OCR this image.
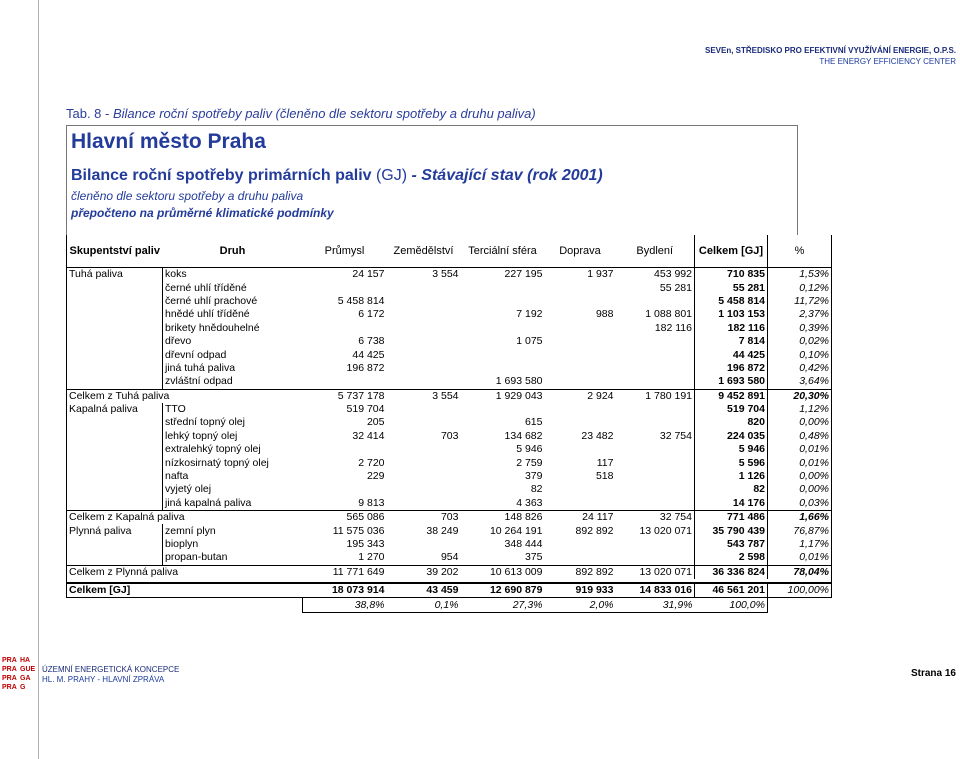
SEVEn, STŘEDISKO PRO EFEKTIVNÍ VYUŽÍVÁNÍ ENERGIE, O.P.S.
THE ENERGY EFFICIENCY CENTER
Tab. 8 - Bilance roční spotřeby paliv (členěno dle sektoru spotřeby a druhu paliva)
Hlavní město Praha
Bilance roční spotřeby primárních paliv (GJ) - Stávající stav (rok 2001)
členěno dle sektoru spotřeby a druhu paliva
přepočteno na průměrné klimatické podmínky
Skupentství paliv	Druh	Průmysl	Zemědělství	Terciální sféra	Doprava	Bydlení	Celkem [GJ]	%
Tuhá paliva	koks	24 157	3 554	227 195	1 937	453 992	710 835	1,53%
	černé uhlí tříděné					55 281	55 281	0,12%
	černé uhlí prachové	5 458 814					5 458 814	11,72%
	hnědé uhlí tříděné	6 172		7 192	988	1 088 801	1 103 153	2,37%
	brikety hnědouhelné					182 116	182 116	0,39%
	dřevo	6 738		1 075			7 814	0,02%
	dřevní odpad	44 425					44 425	0,10%
	jiná tuhá paliva	196 872					196 872	0,42%
	zvláštní odpad			1 693 580			1 693 580	3,64%
Celkem z Tuhá paliva		5 737 178	3 554	1 929 043	2 924	1 780 191	9 452 891	20,30%
Kapalná paliva	TTO	519 704					519 704	1,12%
	střední topný olej	205		615			820	0,00%
	lehký topný olej	32 414	703	134 682	23 482	32 754	224 035	0,48%
	extralehký topný olej			5 946			5 946	0,01%
	nízkosirnatý topný olej	2 720		2 759	117		5 596	0,01%
	nafta	229		379	518		1 126	0,00%
	vyjetý olej			82			82	0,00%
	jiná kapalná paliva	9 813		4 363			14 176	0,03%
Celkem z Kapalná paliva		565 086	703	148 826	24 117	32 754	771 486	1,66%
Plynná paliva	zemní plyn	11 575 036	38 249	10 264 191	892 892	13 020 071	35 790 439	76,87%
	bioplyn	195 343		348 444			543 787	1,17%
	propan-butan	1 270	954	375			2 598	0,01%
Celkem z Plynná paliva		11 771 649	39 202	10 613 009	892 892	13 020 071	36 336 824	78,04%

Celkem [GJ]		18 073 914	43 459	12 690 879	919 933	14 833 016	46 561 201	100,00%
		38,8%	0,1%	27,3%	2,0%	31,9%	100,0%	
PRA HA
PRA GUE
PRA GA
PRA G
ÚZEMNÍ ENERGETICKÁ KONCEPCE
HL. M. PRAHY - HLAVNÍ ZPRÁVA
Strana 16
